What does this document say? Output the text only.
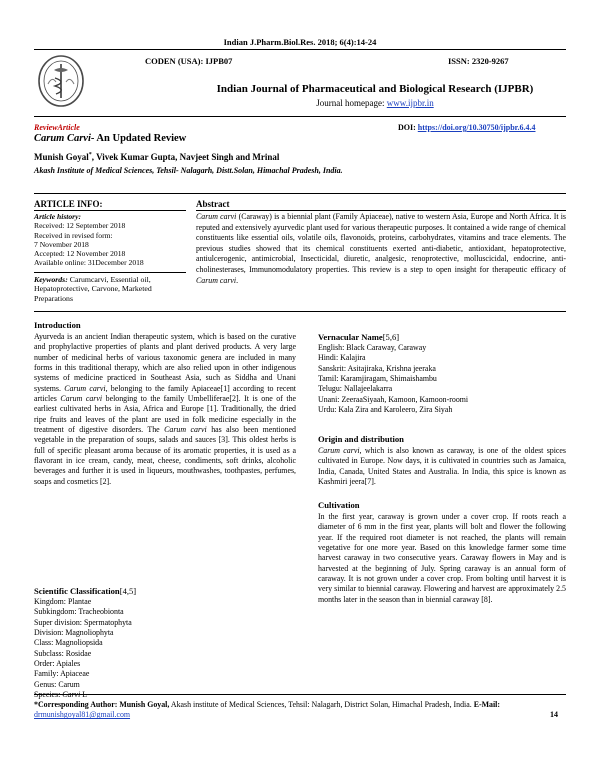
Indian J.Pharm.Biol.Res. 2018; 6(4):14-24
CODEN (USA): IJPB07	ISSN: 2320-9267
Indian Journal of Pharmaceutical and Biological Research (IJPBR)
Journal homepage: www.ijpbr.in
ReviewArticle	DOI: https://doi.org/10.30750/ijpbr.6.4.4
Carum Carvi- An Updated Review
Munish Goyal*, Vivek Kumar Gupta, Navjeet Singh and Mrinal
Akash Institute of Medical Sciences, Tehsil- Nalagarh, Distt.Solan, Himachal Pradesh, India.
ARTICLE INFO:	Abstract
Article history:
Received: 12 September 2018
Received in revised form:
7 November 2018
Accepted: 12 November 2018
Available online: 31December 2018
Keywords: Carumcarvi, Essential oil, Hepatoprotective, Carvone, Marketed Preparations
Carum carvi (Caraway) is a biennial plant (Family Apiaceae), native to western Asia, Europe and North Africa. It is reputed and extensively ayurvedic plant used for various therapeutic purposes. It contained a wide range of chemical constituents like essential oils, volatile oils, flavonoids, proteins, carbohydrates, vitamins and trace elements. The previous studies showed that its chemical constituents exerted anti-diabetic, antioxidant, hepatoprotective, antiulcerogenic, antimicrobial, Insecticidal, diuretic, analgesic, renoprotective, molluscicidal, endocrine, anti-cholinesterases, Immunomodulatory properties. This review is a step to open insight for therapeutic efficacy of Carum carvi.
Introduction
Ayurveda is an ancient Indian therapeutic system, which is based on the curative and prophylactive properties of plants and plant derived products. A very large number of medicinal herbs of various taxonomic genera are included in many forms in this traditional therapy, which are also relied upon in other indigenous systems of medicine practiced in Southeast Asia, such as Siddha and Unani systems. Carum carvi, belonging to the family Apiaceae[1] according to recent articles Carum carvi belonging to the family Umbelliferae[2]. It is one of the earliest cultivated herbs in Asia, Africa and Europe [1]. Traditionally, the dried ripe fruits and leaves of the plant are used in folk medicine especially in the treatment of digestive disorders. The Carum carvi has also been mentioned vegetable in the preparation of soups, salads and sauces [3]. This oldest herbs is full of specific pleasant aroma because of its aromatic properties, it is used as a flavorant in ice cream, candy, meat, cheese, condiments, soft drinks, alcoholic beverages and further it is used in liqueurs, mouthwashes, toothpastes, perfumes, soaps and cosmetics [2].
Scientific Classification[4,5]
Kingdom: Plantae
Subkingdom: Tracheobionta
Super division: Spermatophyta
Division: Magnoliophyta
Class: Magnoliopsida
Subclass: Rosidae
Order: Apiales
Family: Apiaceae
Genus: Carum
Species: Carvi L
Vernacular Name[5,6]
English: Black Caraway, Caraway
Hindi: Kalajira
Sanskrit: Asitajiraka, Krishna jeeraka
Tamil: Karamjiragam, Shimaishambu
Telugu: Nallajeelakarra
Unani: ZeeraaSiyaah, Kamoon, Kamoon-roomi
Urdu: Kala Zira and Karoleero, Zira Siyah
Origin and distribution
Carum carvi, which is also known as caraway, is one of the oldest spices cultivated in Europe. Now days, it is cultivated in countries such as Jamaica, India, Canada, United States and Australia. In India, this spice is known as Kashmiri jeera[7].
Cultivation
In the first year, caraway is grown under a cover crop. If roots reach a diameter of 6 mm in the first year, plants will bolt and flower the following year. If the required root diameter is not reached, the plants will remain vegetative for one more year. Based on this knowledge farmer some time harvest caraway in two consecutive years. Caraway flowers in May and is harvested at the beginning of July. Spring caraway is an annual form of caraway. It is not grown under a cover crop. From bolting until harvest it is very similar to biennial caraway. Flowering and harvest are approximately 2.5 months later in the season than in biennial caraway [8].
*Corresponding Author: Munish Goyal, Akash institute of Medical Sciences, Tehsil: Nalagarh, District Solan, Himachal Pradesh, India. E-Mail: drmunishgoyal81@gmail.com	14
